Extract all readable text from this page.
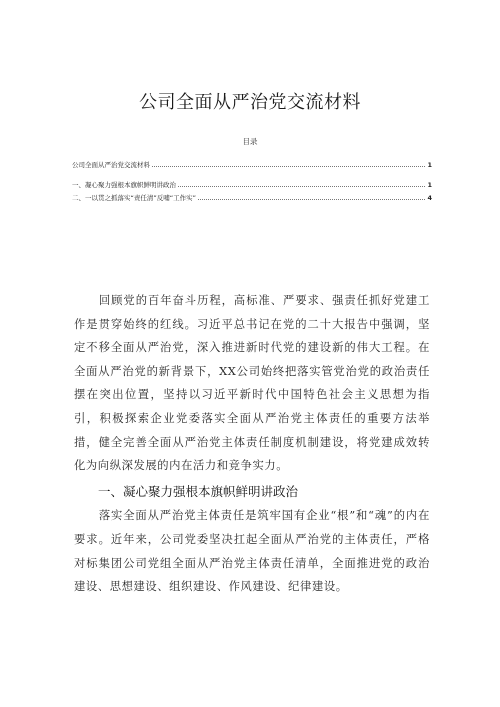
公司全面从严治党交流材料
目录
公司全面从严治党交流材料	1
一、凝心聚力强根本旗帜鲜明讲政治	1
二、一以贯之抓落实“责任清”反哺“工作实”	4

回顾党的百年奋斗历程，高标准、严要求、强责任抓好党建工作是贯穿始终的红线。习近平总书记在党的二十大报告中强调，坚定不移全面从严治党，深入推进新时代党的建设新的伟大工程。在全面从严治党的新背景下，XX公司始终把落实管党治党的政治责任摆在突出位置，坚持以习近平新时代中国特色社会主义思想为指引，积极探索企业党委落实全面从严治党主体责任的重要方法举措，健全完善全面从严治党主体责任制度机制建设，将党建成效转化为向纵深发展的内在活力和竞争实力。

一、凝心聚力强根本旗帜鲜明讲政治

落实全面从严治党主体责任是筑牢国有企业“根”和“魂”的内在要求。近年来，公司党委坚决扛起全面从严治党的主体责任，严格对标集团公司党组全面从严治党主体责任清单，全面推进党的政治建设、思想建设、组织建设、作风建设、纪律建设。
